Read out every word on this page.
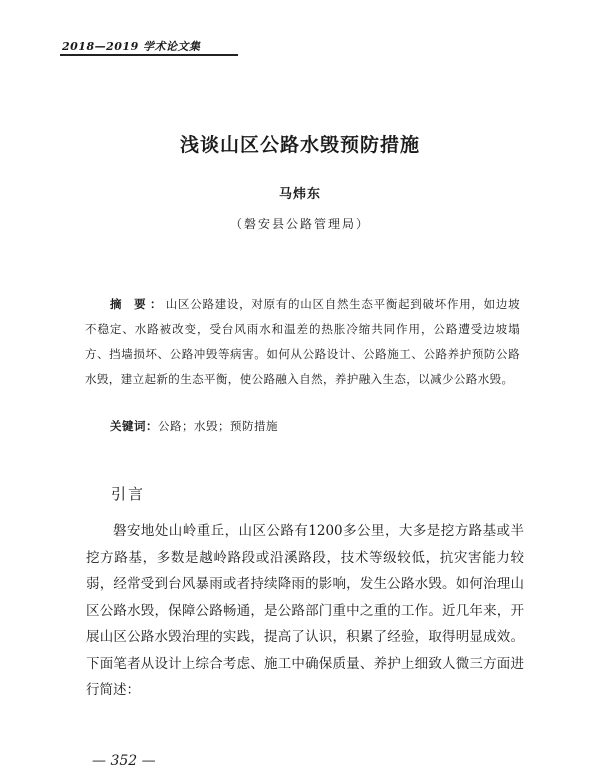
2018—2019 学术论文集
浅谈山区公路水毁预防措施
马炜东
（磐安县公路管理局）
摘 要：山区公路建设，对原有的山区自然生态平衡起到破坏作用，如边坡不稳定、水路被改变，受台风雨水和温差的热胀冷缩共同作用，公路遭受边坡塌方、挡墙损坏、公路冲毁等病害。如何从公路设计、公路施工、公路养护预防公路水毁，建立起新的生态平衡，使公路融入自然，养护融入生态，以减少公路水毁。
关键词：公路；水毁；预防措施
引言
磐安地处山岭重丘，山区公路有1200多公里，大多是挖方路基或半挖方路基，多数是越岭路段或沿溪路段，技术等级较低，抗灾害能力较弱，经常受到台风暴雨或者持续降雨的影响，发生公路水毁。如何治理山区公路水毁，保障公路畅通，是公路部门重中之重的工作。近几年来，开展山区公路水毁治理的实践，提高了认识，积累了经验，取得明显成效。下面笔者从设计上综合考虑、施工中确保质量、养护上细致人微三方面进行简述：
— 352 —
